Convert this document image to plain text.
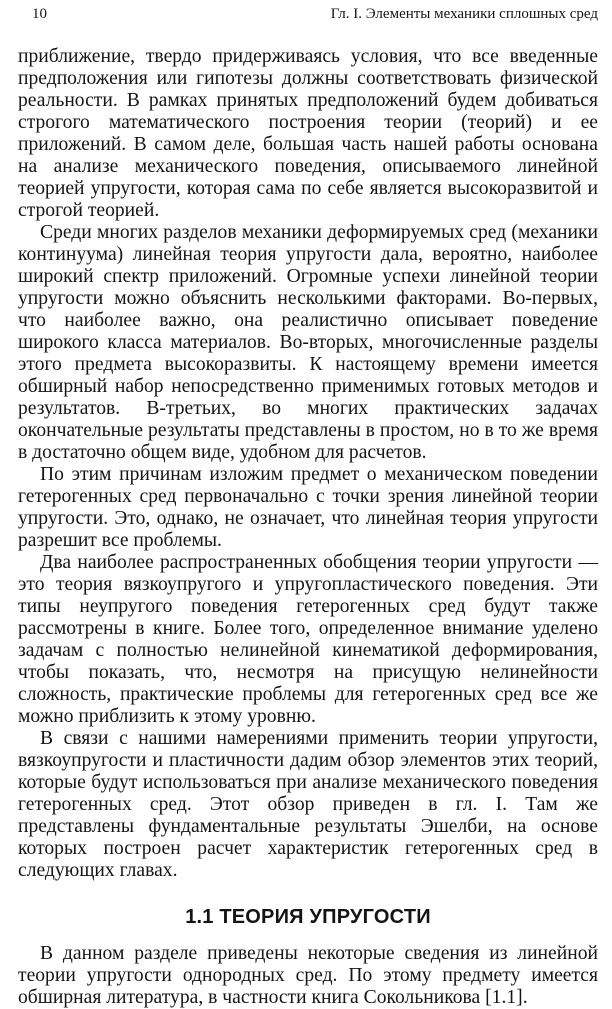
10	Гл. I. Элементы механики сплошных сред

приближение, твердо придерживаясь условия, что все введенные предположения или гипотезы должны соответствовать физической реальности. В рамках принятых предположений будем добиваться строгого математического построения теории (теорий) и ее приложений. В самом деле, большая часть нашей работы основана на анализе механического поведения, описываемого линейной теорией упругости, которая сама по себе является высокоразвитой и строгой теорией.

Среди многих разделов механики деформируемых сред (механики континуума) линейная теория упругости дала, вероятно, наиболее широкий спектр приложений. Огромные успехи линейной теории упругости можно объяснить несколькими факторами. Во-первых, что наиболее важно, она реалистично описывает поведение широкого класса материалов. Во-вторых, многочисленные разделы этого предмета высокоразвиты. К настоящему времени имеется обширный набор непосредственно применимых готовых методов и результатов. В-третьих, во многих практических задачах окончательные результаты представлены в простом, но в то же время в достаточно общем виде, удобном для расчетов.

По этим причинам изложим предмет о механическом поведении гетерогенных сред первоначально с точки зрения линейной теории упругости. Это, однако, не означает, что линейная теория упругости разрешит все проблемы.

Два наиболее распространенных обобщения теории упругости — это теория вязкоупругого и упругопластического поведения. Эти типы неупругого поведения гетерогенных сред будут также рассмотрены в книге. Более того, определенное внимание уделено задачам с полностью нелинейной кинематикой деформирования, чтобы показать, что, несмотря на присущую нелинейности сложность, практические проблемы для гетерогенных сред все же можно приблизить к этому уровню.

В связи с нашими намерениями применить теории упругости, вязкоупругости и пластичности дадим обзор элементов этих теорий, которые будут использоваться при анализе механического поведения гетерогенных сред. Этот обзор приведен в гл. I. Там же представлены фундаментальные результаты Эшелби, на основе которых построен расчет характеристик гетерогенных сред в следующих главах.

1.1 ТЕОРИЯ УПРУГОСТИ

В данном разделе приведены некоторые сведения из линейной теории упругости однородных сред. По этому предмету имеется обширная литература, в частности книга Сокольникова [1.1].
